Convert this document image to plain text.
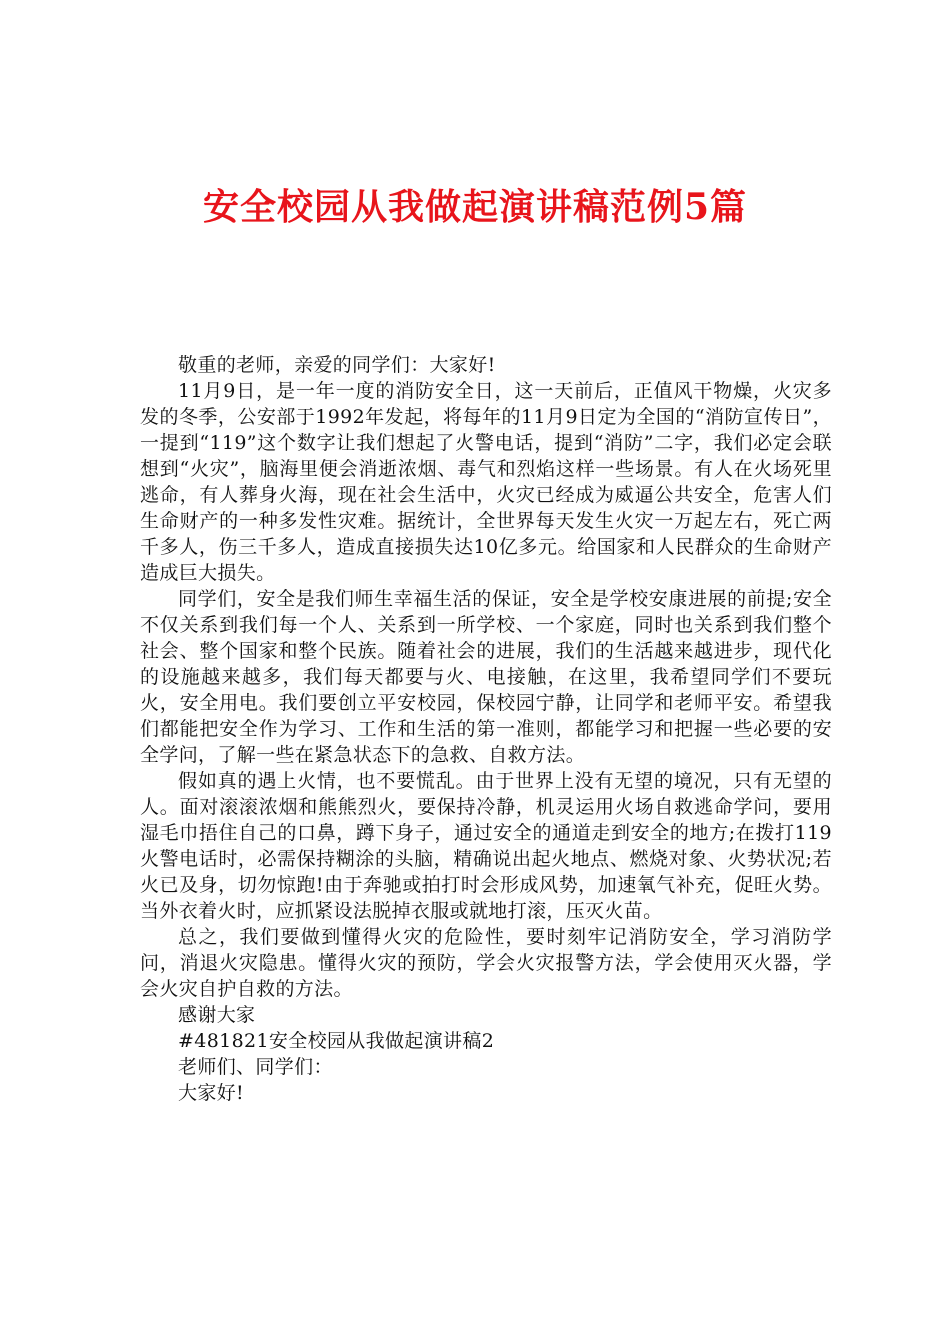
安全校园从我做起演讲稿范例5篇

敬重的老师，亲爱的同学们：大家好!

11月9日，是一年一度的消防安全日，这一天前后，正值风干物燥，火灾多发的冬季，公安部于1992年发起，将每年的11月9日定为全国的“消防宣传日”，一提到“119”这个数字让我们想起了火警电话，提到“消防”二字，我们必定会联想到“火灾”，脑海里便会消逝浓烟、毒气和烈焰这样一些场景。有人在火场死里逃命，有人葬身火海，现在社会生活中，火灾已经成为威逼公共安全，危害人们生命财产的一种多发性灾难。据统计，全世界每天发生火灾一万起左右，死亡两千多人，伤三千多人，造成直接损失达10亿多元。给国家和人民群众的生命财产造成巨大损失。

同学们，安全是我们师生幸福生活的保证，安全是学校安康进展的前提;安全不仅关系到我们每一个人、关系到一所学校、一个家庭，同时也关系到我们整个社会、整个国家和整个民族。随着社会的进展，我们的生活越来越进步，现代化的设施越来越多，我们每天都要与火、电接触，在这里，我希望同学们不要玩火，安全用电。我们要创立平安校园，保校园宁静，让同学和老师平安。希望我们都能把安全作为学习、工作和生活的第一准则，都能学习和把握一些必要的安全学问，了解一些在紧急状态下的急救、自救方法。

假如真的遇上火情，也不要慌乱。由于世界上没有无望的境况，只有无望的人。面对滚滚浓烟和熊熊烈火，要保持冷静，机灵运用火场自救逃命学问，要用湿毛巾捂住自己的口鼻，蹲下身子，通过安全的通道走到安全的地方;在拨打119火警电话时，必需保持糊涂的头脑，精确说出起火地点、燃烧对象、火势状况;若火已及身，切勿惊跑!由于奔驰或拍打时会形成风势，加速氧气补充，促旺火势。当外衣着火时，应抓紧设法脱掉衣服或就地打滚，压灭火苗。

总之，我们要做到懂得火灾的危险性，要时刻牢记消防安全，学习消防学问，消退火灾隐患。懂得火灾的预防，学会火灾报警方法，学会使用灭火器，学会火灾自护自救的方法。

感谢大家

#481821安全校园从我做起演讲稿2

老师们、同学们：

大家好!
